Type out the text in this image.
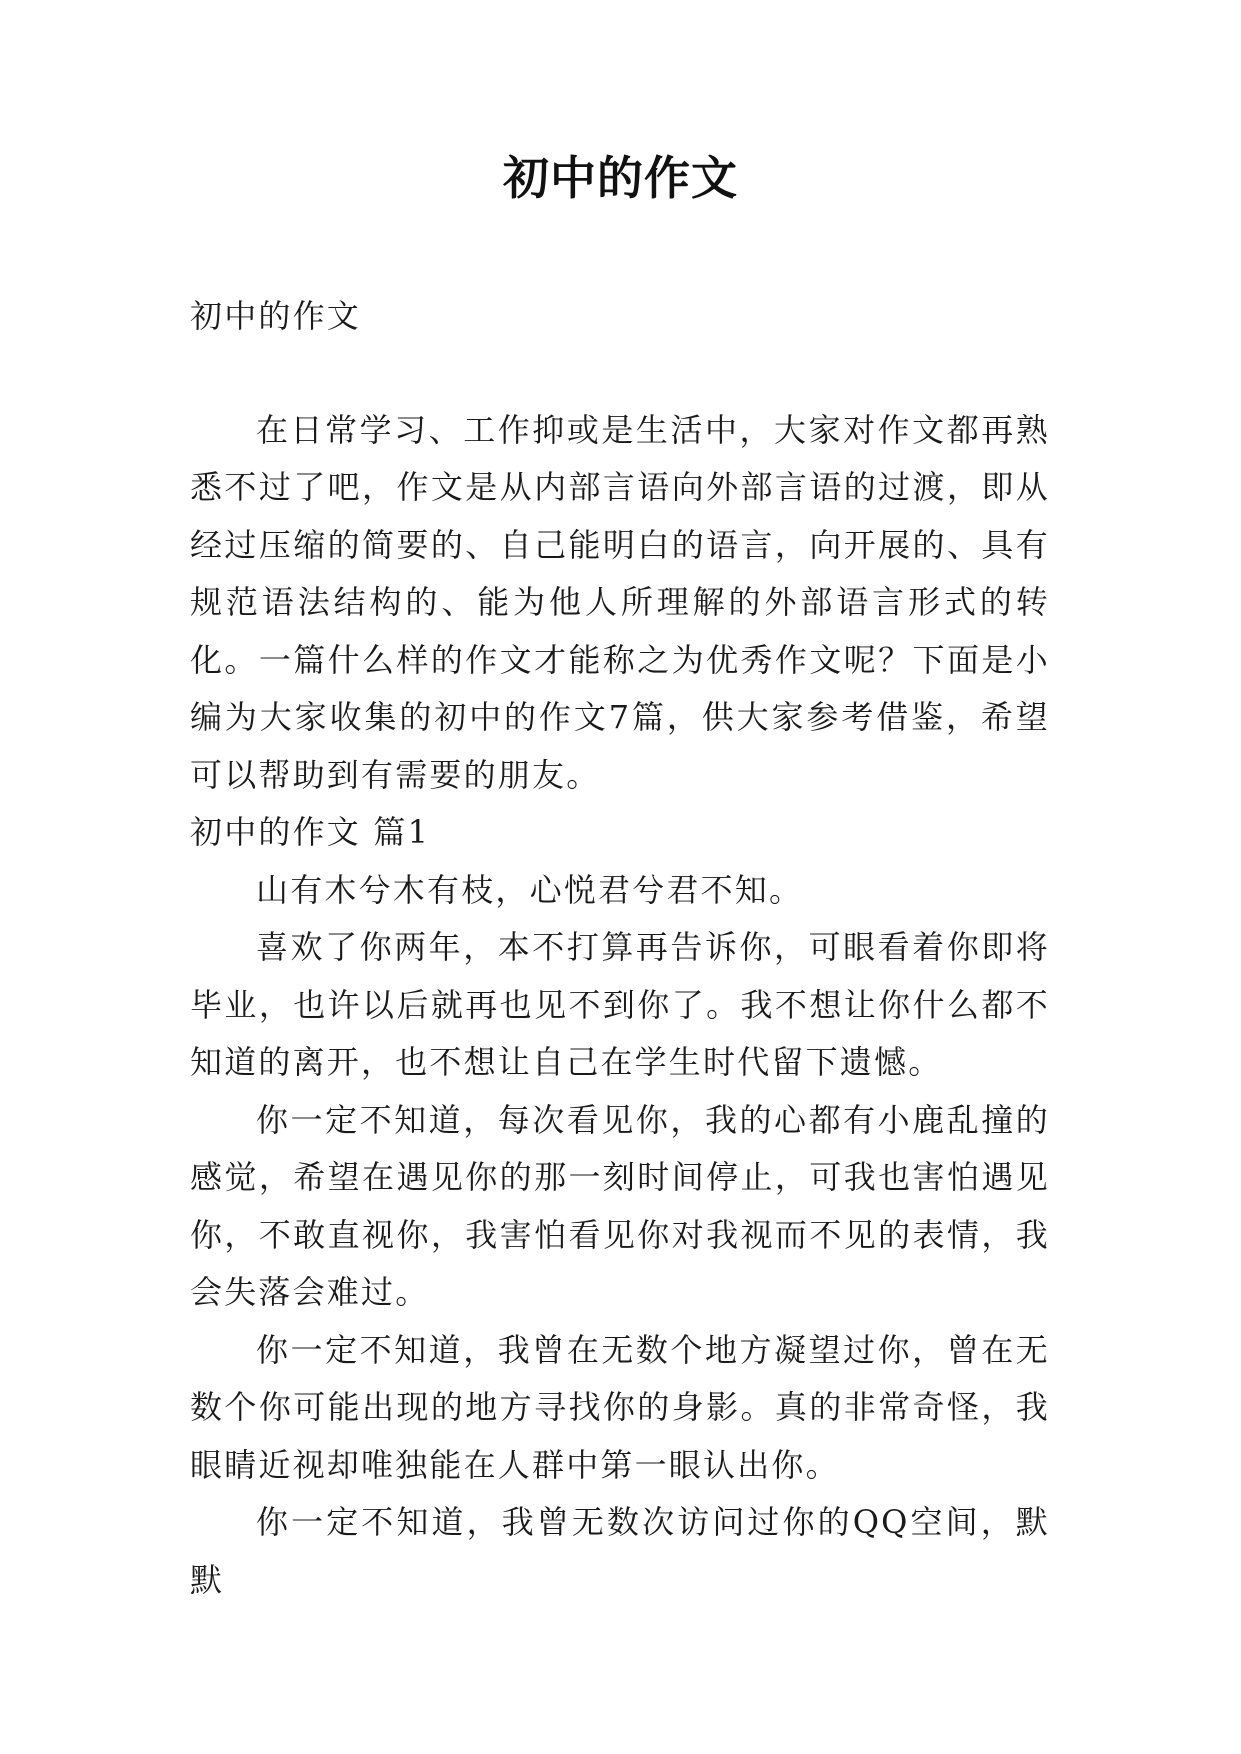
初中的作文

初中的作文

在日常学习、工作抑或是生活中，大家对作文都再熟悉不过了吧，作文是从内部言语向外部言语的过渡，即从经过压缩的简要的、自己能明白的语言，向开展的、具有规范语法结构的、能为他人所理解的外部语言形式的转化。一篇什么样的作文才能称之为优秀作文呢？下面是小编为大家收集的初中的作文7篇，供大家参考借鉴，希望可以帮助到有需要的朋友。

初中的作文 篇1

山有木兮木有枝，心悦君兮君不知。

喜欢了你两年，本不打算再告诉你，可眼看着你即将毕业，也许以后就再也见不到你了。我不想让你什么都不知道的离开，也不想让自己在学生时代留下遗憾。

你一定不知道，每次看见你，我的心都有小鹿乱撞的感觉，希望在遇见你的那一刻时间停止，可我也害怕遇见你，不敢直视你，我害怕看见你对我视而不见的表情，我会失落会难过。

你一定不知道，我曾在无数个地方凝望过你，曾在无数个你可能出现的地方寻找你的身影。真的非常奇怪，我眼睛近视却唯独能在人群中第一眼认出你。

你一定不知道，我曾无数次访问过你的QQ空间，默默
